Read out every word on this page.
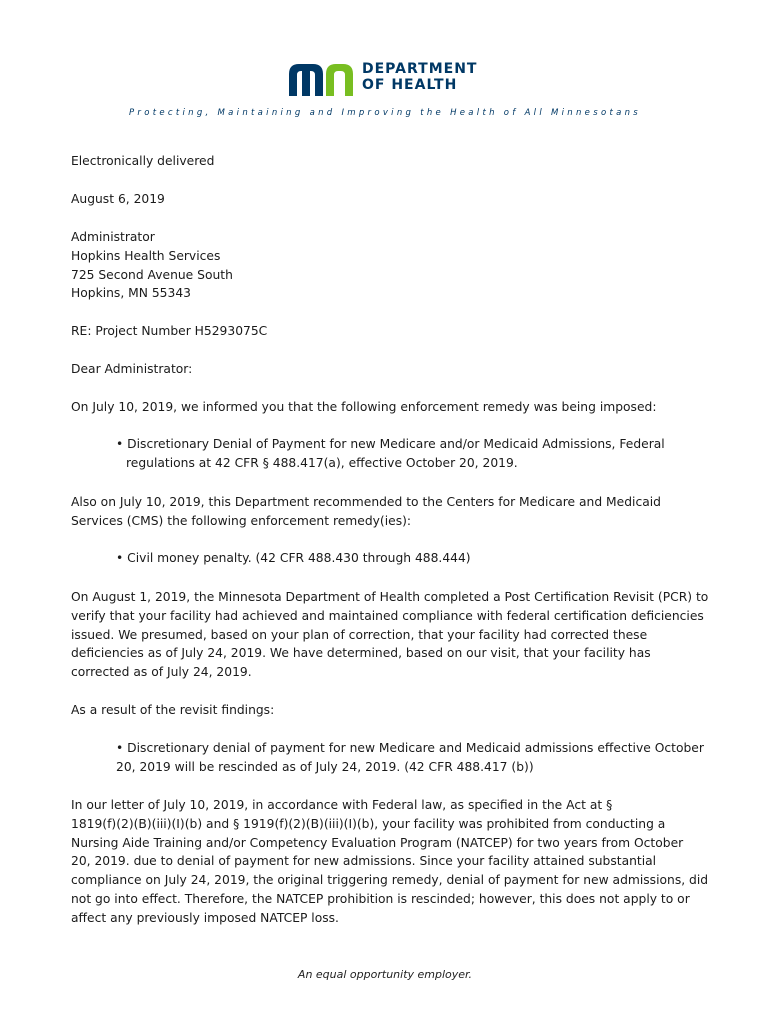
DEPARTMENT
OF HEALTH
Protecting, Maintaining and Improving the Health of All Minnesotans

Electronically delivered

August 6, 2019

Administrator
Hopkins Health Services
725 Second Avenue South
Hopkins, MN 55343

RE: Project Number H5293075C

Dear Administrator:

On July 10, 2019, we informed you that the following enforcement remedy was being imposed:

• Discretionary Denial of Payment for new Medicare and/or Medicaid Admissions, Federal
regulations at 42 CFR § 488.417(a), effective October 20, 2019.
Also on July 10, 2019, this Department recommended to the Centers for Medicare and Medicaid
Services (CMS) the following enforcement remedy(ies):

• Civil money penalty. (42 CFR 488.430 through 488.444)

On August 1, 2019, the Minnesota Department of Health completed a Post Certification Revisit (PCR) to
verify that your facility had achieved and maintained compliance with federal certification deficiencies
issued. We presumed, based on your plan of correction, that your facility had corrected these
deficiencies as of July 24, 2019. We have determined, based on our visit, that your facility has
corrected as of July 24, 2019.

As a result of the revisit findings:

• Discretionary denial of payment for new Medicare and Medicaid admissions effective October
20, 2019 will be rescinded as of July 24, 2019. (42 CFR 488.417 (b))
In our letter of July 10, 2019, in accordance with Federal law, as specified in the Act at §
1819(f)(2)(B)(iii)(I)(b) and § 1919(f)(2)(B)(iii)(I)(b), your facility was prohibited from conducting a
Nursing Aide Training and/or Competency Evaluation Program (NATCEP) for two years from October
20, 2019. due to denial of payment for new admissions. Since your facility attained substantial
compliance on July 24, 2019, the original triggering remedy, denial of payment for new admissions, did
not go into effect. Therefore, the NATCEP prohibition is rescinded; however, this does not apply to or
affect any previously imposed NATCEP loss.
An equal opportunity employer.
